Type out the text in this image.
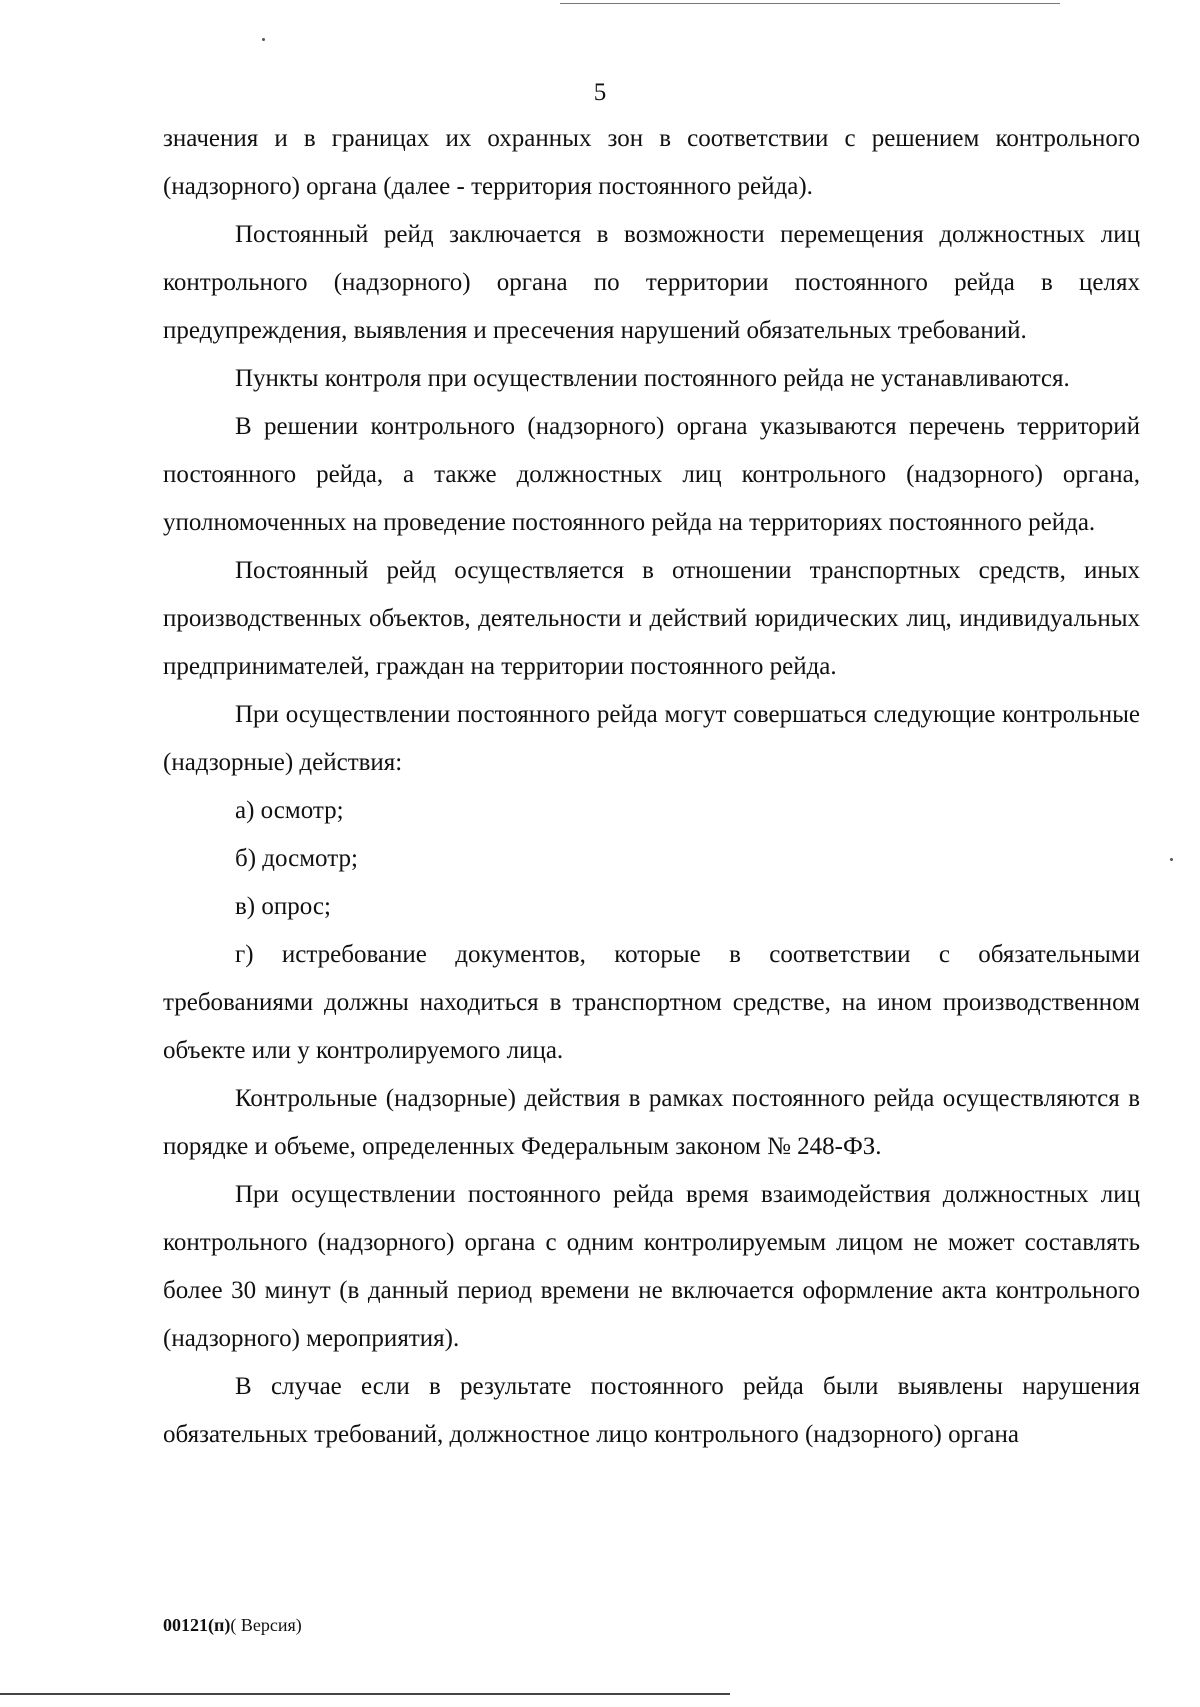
5

значения и в границах их охранных зон в соответствии с решением контрольного (надзорного) органа (далее - территория постоянного рейда).

Постоянный рейд заключается в возможности перемещения должностных лиц контрольного (надзорного) органа по территории постоянного рейда в целях предупреждения, выявления и пресечения нарушений обязательных требований.

Пункты контроля при осуществлении постоянного рейда не устанавливаются.

В решении контрольного (надзорного) органа указываются перечень территорий постоянного рейда, а также должностных лиц контрольного (надзорного) органа, уполномоченных на проведение постоянного рейда на территориях постоянного рейда.

Постоянный рейд осуществляется в отношении транспортных средств, иных производственных объектов, деятельности и действий юридических лиц, индивидуальных предпринимателей, граждан на территории постоянного рейда.

При осуществлении постоянного рейда могут совершаться следующие контрольные (надзорные) действия:

а) осмотр;

б) досмотр;

в) опрос;

г) истребование документов, которые в соответствии с обязательными требованиями должны находиться в транспортном средстве, на ином производственном объекте или у контролируемого лица.

Контрольные (надзорные) действия в рамках постоянного рейда осуществляются в порядке и объеме, определенных Федеральным законом № 248-ФЗ.

При осуществлении постоянного рейда время взаимодействия должностных лиц контрольного (надзорного) органа с одним контролируемым лицом не может составлять более 30 минут (в данный период времени не включается оформление акта контрольного (надзорного) мероприятия).

В случае если в результате постоянного рейда были выявлены нарушения обязательных требований, должностное лицо контрольного (надзорного) органа

00121(п)( Версия)
